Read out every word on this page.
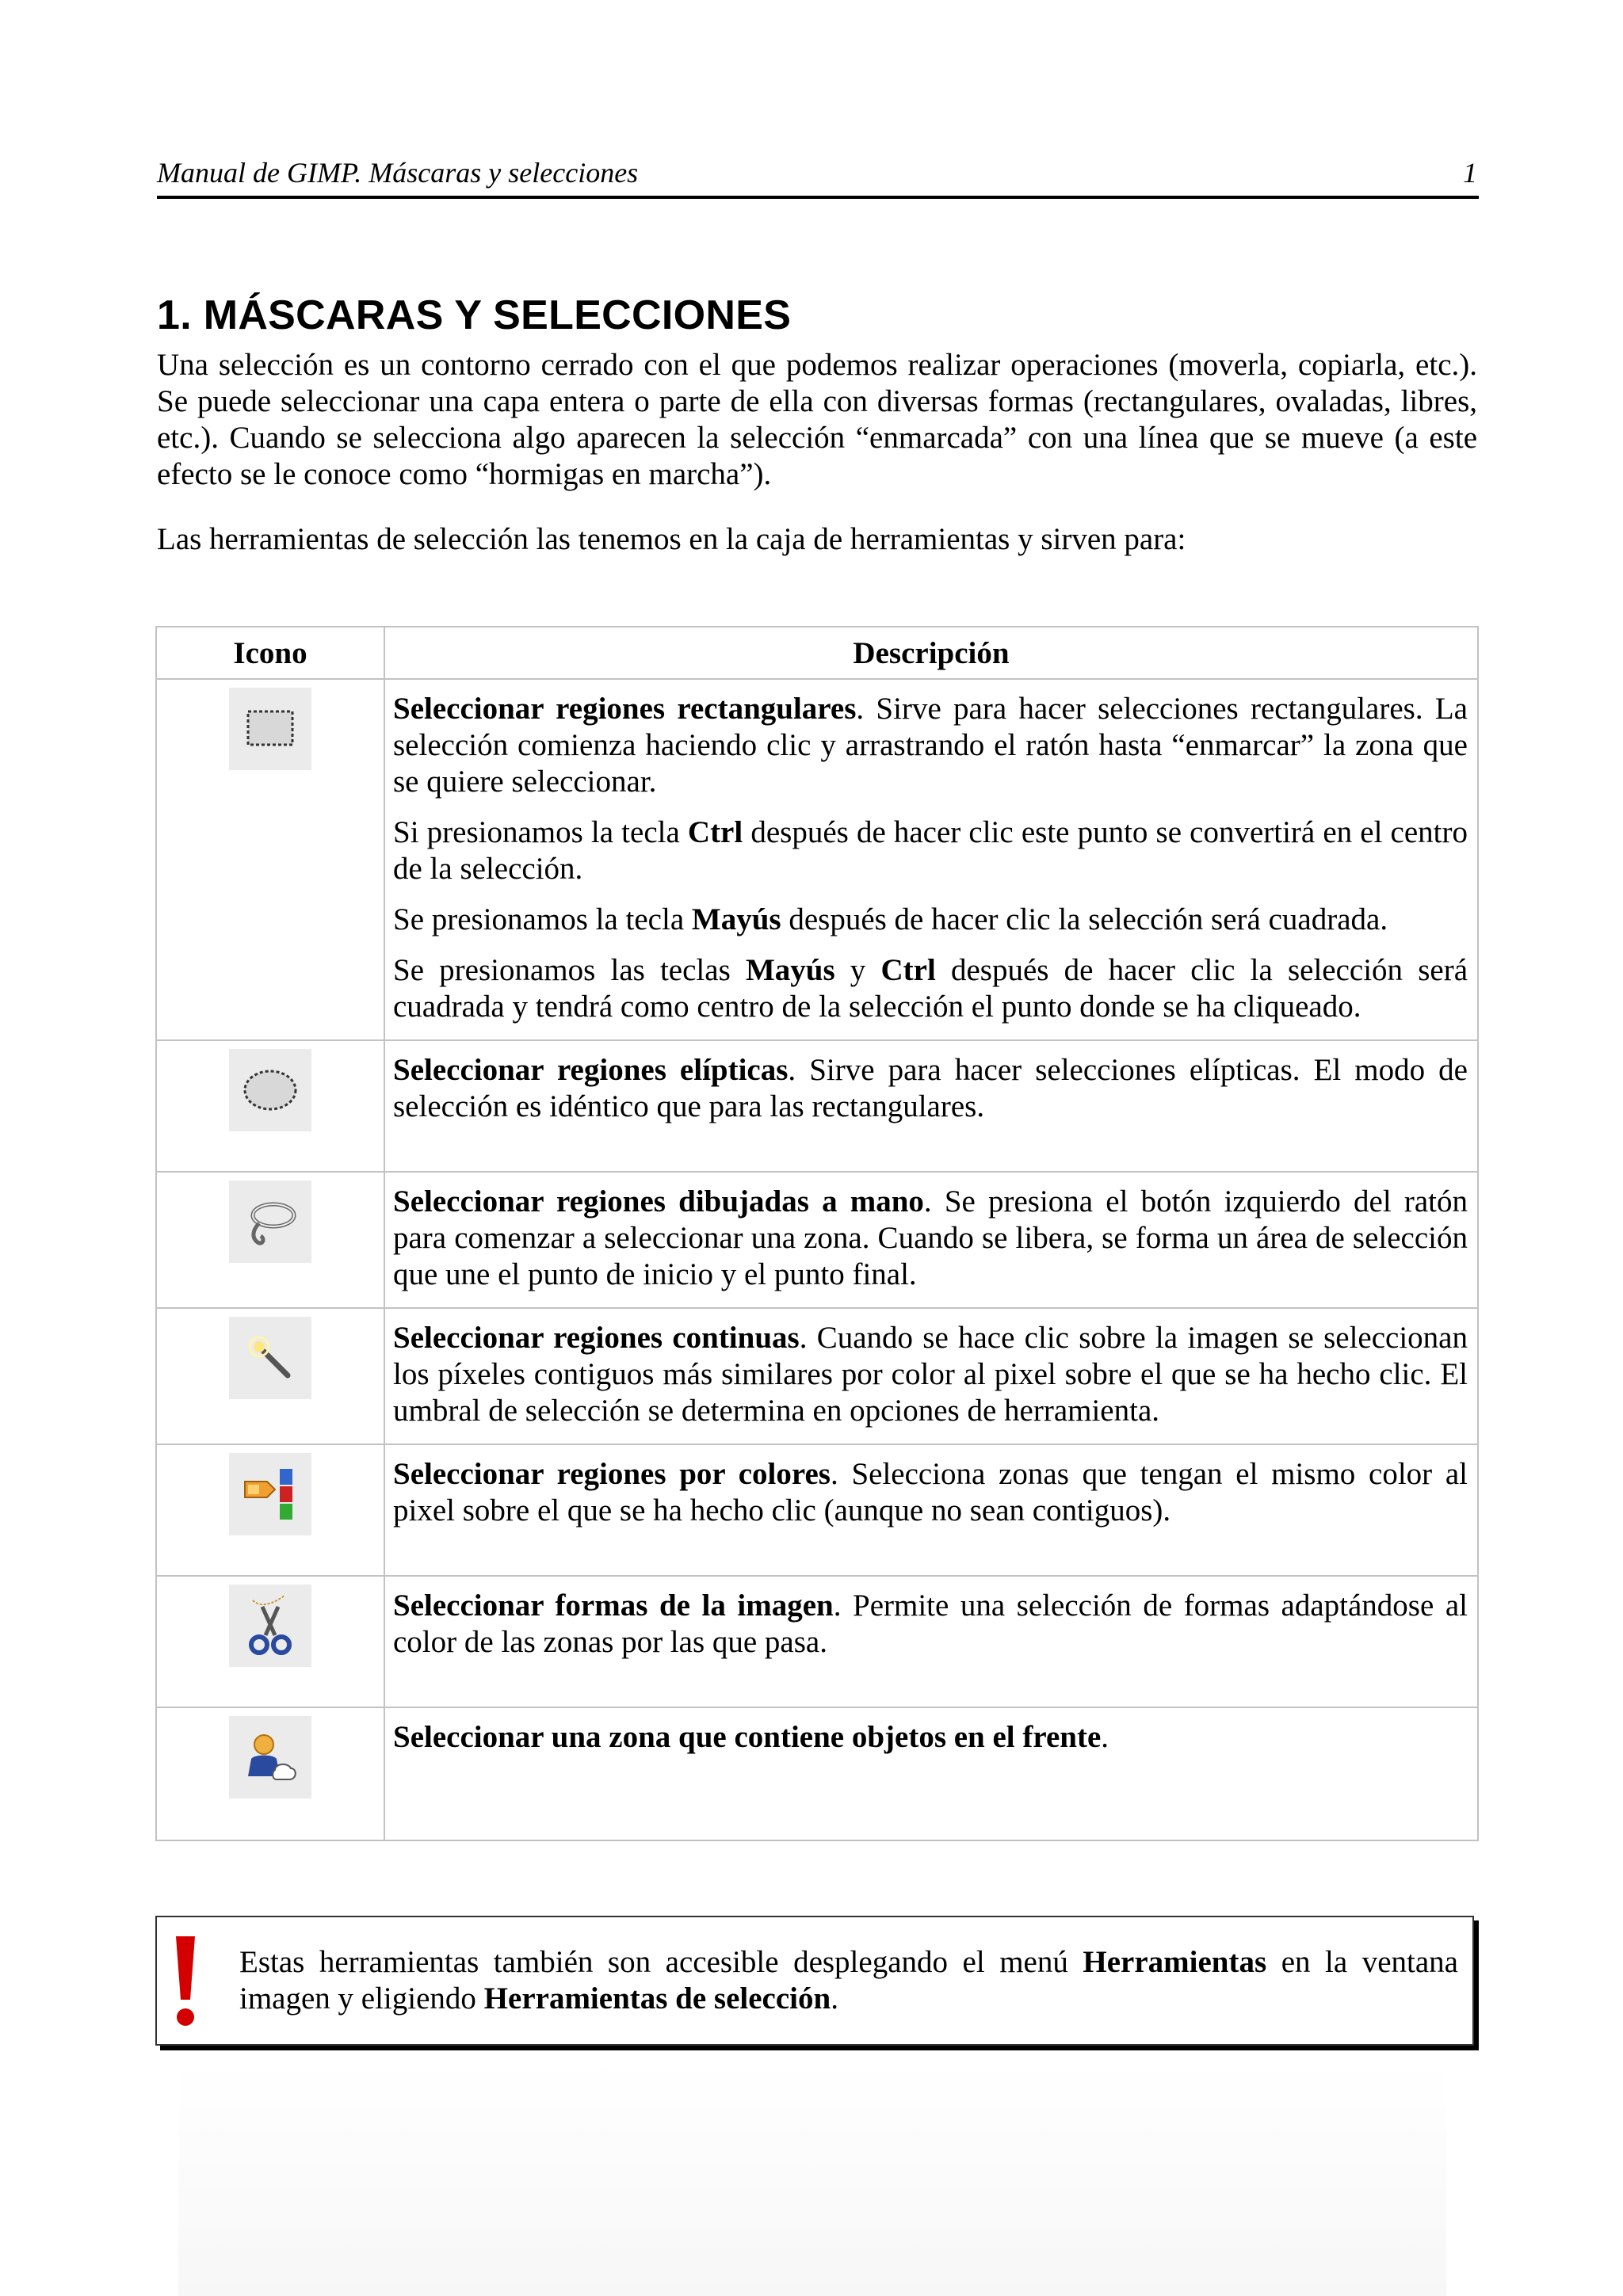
Manual de GIMP. Máscaras y selecciones	1
1. MÁSCARAS Y SELECCIONES

Una selección es un contorno cerrado con el que podemos realizar operaciones (moverla, copiarla, etc.). Se puede seleccionar una capa entera o parte de ella con diversas formas (rectangulares, ovaladas, libres, etc.). Cuando se selecciona algo aparecen la selección “enmarcada” con una línea que se mueve (a este efecto se le conoce como “hormigas en marcha”).

Las herramientas de selección las tenemos en la caja de herramientas y sirven para:

Icono	Descripción

Seleccionar regiones rectangulares. Sirve para hacer selecciones rectangulares. La selección comienza haciendo clic y arrastrando el ratón hasta “enmarcar” la zona que se quiere seleccionar.

Si presionamos la tecla Ctrl después de hacer clic este punto se convertirá en el centro de la selección.

Se presionamos la tecla Mayús después de hacer clic la selección será cuadrada.

Se presionamos las teclas Mayús y Ctrl después de hacer clic la selección será cuadrada y tendrá como centro de la selección el punto donde se ha cliqueado.

Seleccionar regiones elípticas. Sirve para hacer selecciones elípticas. El modo de selección es idéntico que para las rectangulares.

Seleccionar regiones dibujadas a mano. Se presiona el botón izquierdo del ratón para comenzar a seleccionar una zona. Cuando se libera, se forma un área de selección que une el punto de inicio y el punto final.

Seleccionar regiones continuas. Cuando se hace clic sobre la imagen se seleccionan los píxeles contiguos más similares por color al pixel sobre el que se ha hecho clic. El umbral de selección se determina en opciones de herramienta.

Seleccionar regiones por colores. Selecciona zonas que tengan el mismo color al pixel sobre el que se ha hecho clic (aunque no sean contiguos).

Seleccionar formas de la imagen. Permite una selección de formas adaptándose al color de las zonas por las que pasa.

Seleccionar una zona que contiene objetos en el frente.

Estas herramientas también son accesible desplegando el menú Herramientas en la ventana imagen y eligiendo Herramientas de selección.
